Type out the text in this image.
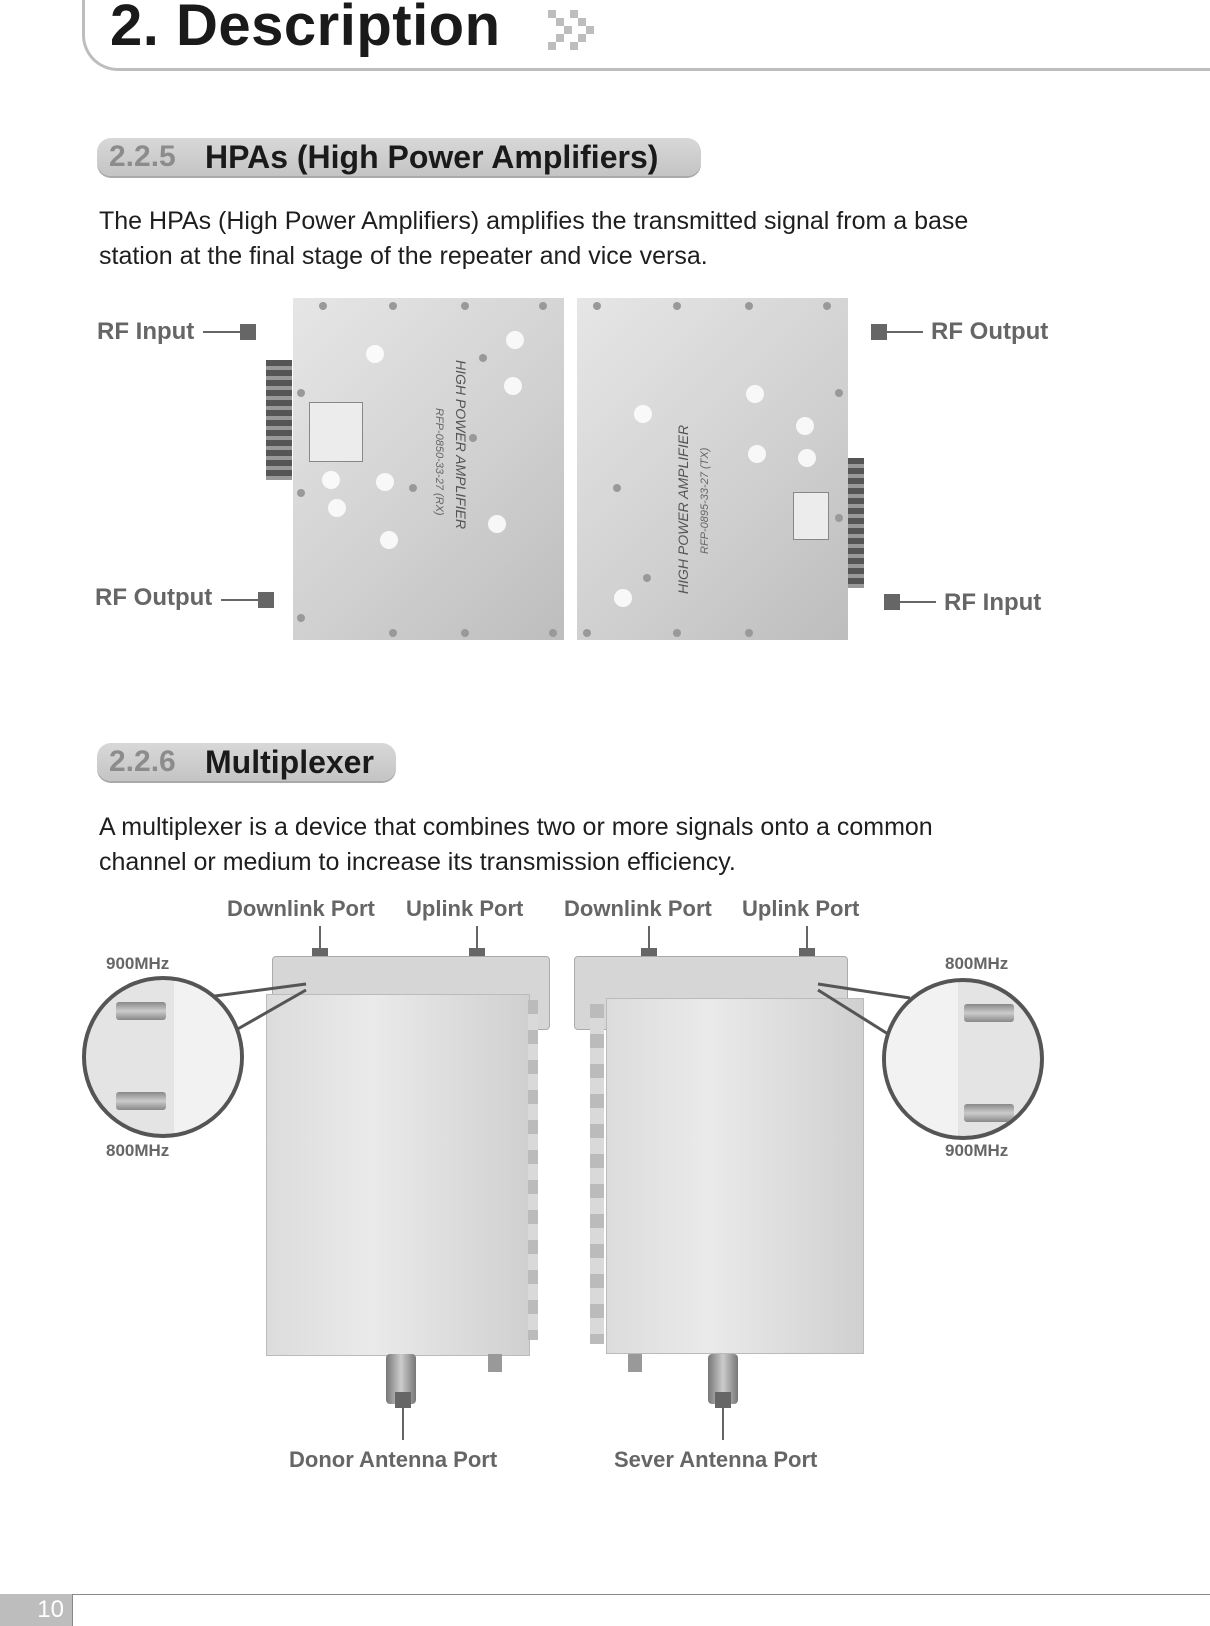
2. Description
2.2.5 HPAs (High Power Amplifiers)
The HPAs (High Power Amplifiers) amplifies the transmitted signal from a base
station at the final stage of the repeater and vice versa.
HIGH POWER AMPLIFIER
RFP-0850-33-27 (RX)	HIGH POWER AMPLIFIER RFP-0895-33-27 (TX)
RF Input
RF Output
RF Output
RF Input
2.2.6 Multiplexer
A multiplexer is a device that combines two or more signals onto a common
channel or medium to increase its transmission efficiency.
Downlink Port Uplink Port Downlink Port Uplink Port
900MHz
800MHz
800MHz
900MHz
Donor Antenna Port	Sever Antenna Port
10
